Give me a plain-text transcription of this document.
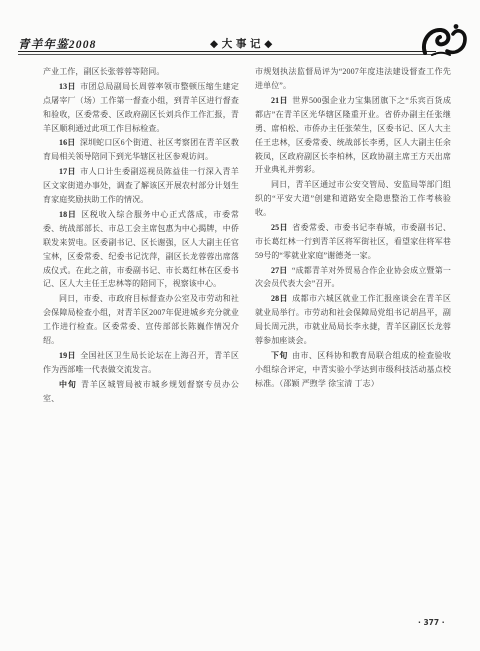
青羊年鉴2008	◆ 大 事 记 ◆

产业工作，副区长张蓉蓉等陪同。

13日 市团总局副局长周蓉率领市整顿压缩生建定点屠宰厂（场）工作第一督查小组，到青羊区进行督查和验收，区委常委、区政府副区长刘兵作工作汇报，青羊区顺利通过此项工作目标检查。

16日 深圳蛇口区6个街道、社区考察团在青羊区教育局相关领导陪同下到光华辖区社区参观访问。

17日 市人口计生委副巡视员陈益佳一行深入青羊区文家街道办事处，调查了解该区开展农村部分计划生育家庭奖励扶助工作的情况。

18日 区税收入综合服务中心正式落成，市委常委、统战部部长、市总工会主席包惠为中心揭牌，中侨联发来贺电。区委副书记、区长谢强，区人大副主任官宝林，区委常委、纪委书记沈萍，副区长龙蓉蓉出席落成仪式。在此之前，市委副书记、市长葛红林在区委书记、区人大主任王忠林等的陪同下，视察该中心。

同日，市委、市政府目标督查办公室及市劳动和社会保障局检查小组，对青羊区2007年促进城乡充分就业工作进行检查。区委常委、宣传部部长陈巍作情况介绍。

19日 全国社区卫生局长论坛在上海召开，青羊区作为西部唯一代表做交流发言。

中旬 青羊区城管局被市城乡规划督察专员办公室、

市规划执法监督局评为“2007年度违法建设督查工作先进单位”。

21日 世界500强企业力宝集团旗下之“乐宾百货成都店”在青羊区光华辖区隆重开业。省侨办副主任张继勇、席柏松、市侨办主任张荣生，区委书记、区人大主任王忠林，区委常委、统战部长李勇，区人大副主任余筱凤，区政府副区长李柏林，区政协副主席王方天出席开业典礼并剪彩。

同日，青羊区通过市公安交管局、安监局等部门组织的“平安大道”创建和道路安全隐患整治工作考核验收。

25日 省委常委、市委书记李春城，市委副书记、市长葛红林一行到青羊区将军街社区，看望家住将军巷59号的“零就业家庭”谢德尧一家。

27日 “成都青羊对外贸易合作企业协会成立暨第一次会员代表大会”召开。

28日 成都市六城区就业工作汇报座谈会在青羊区就业局举行。市劳动和社会保障局党组书记胡昌平，副局长周元洪，市就业局局长李永捷，青羊区副区长龙蓉蓉参加座谈会。

下旬 由市、区科协和教育局联合组成的检查验收小组综合评定，中青实验小学达到市级科技活动基点校标准。（邵颖 严煦学 徐宝清 丁志）

· 377 ·
